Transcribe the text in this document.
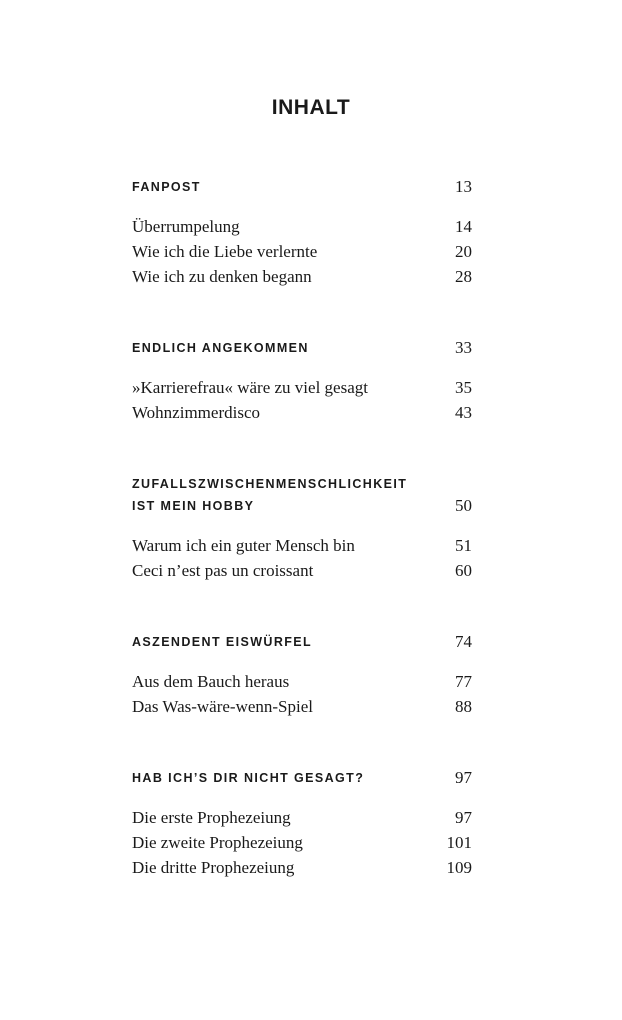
INHALT
FANPOST	13
Überrumpelung	14
Wie ich die Liebe verlernte	20
Wie ich zu denken begann	28
ENDLICH ANGEKOMMEN	33
»Karrierefrau« wäre zu viel gesagt	35
Wohnzimmerdisco	43
ZUFALLSZWISCHENMENSCHLICHKEIT
IST MEIN HOBBY	50
Warum ich ein guter Mensch bin	51
Ceci n’est pas un croissant	60
ASZENDENT EISWÜRFEL	74
Aus dem Bauch heraus	77
Das Was-wäre-wenn-Spiel	88
HAB ICH’S DIR NICHT GESAGT?	97
Die erste Prophezeiung	97
Die zweite Prophezeiung	101
Die dritte Prophezeiung	109
